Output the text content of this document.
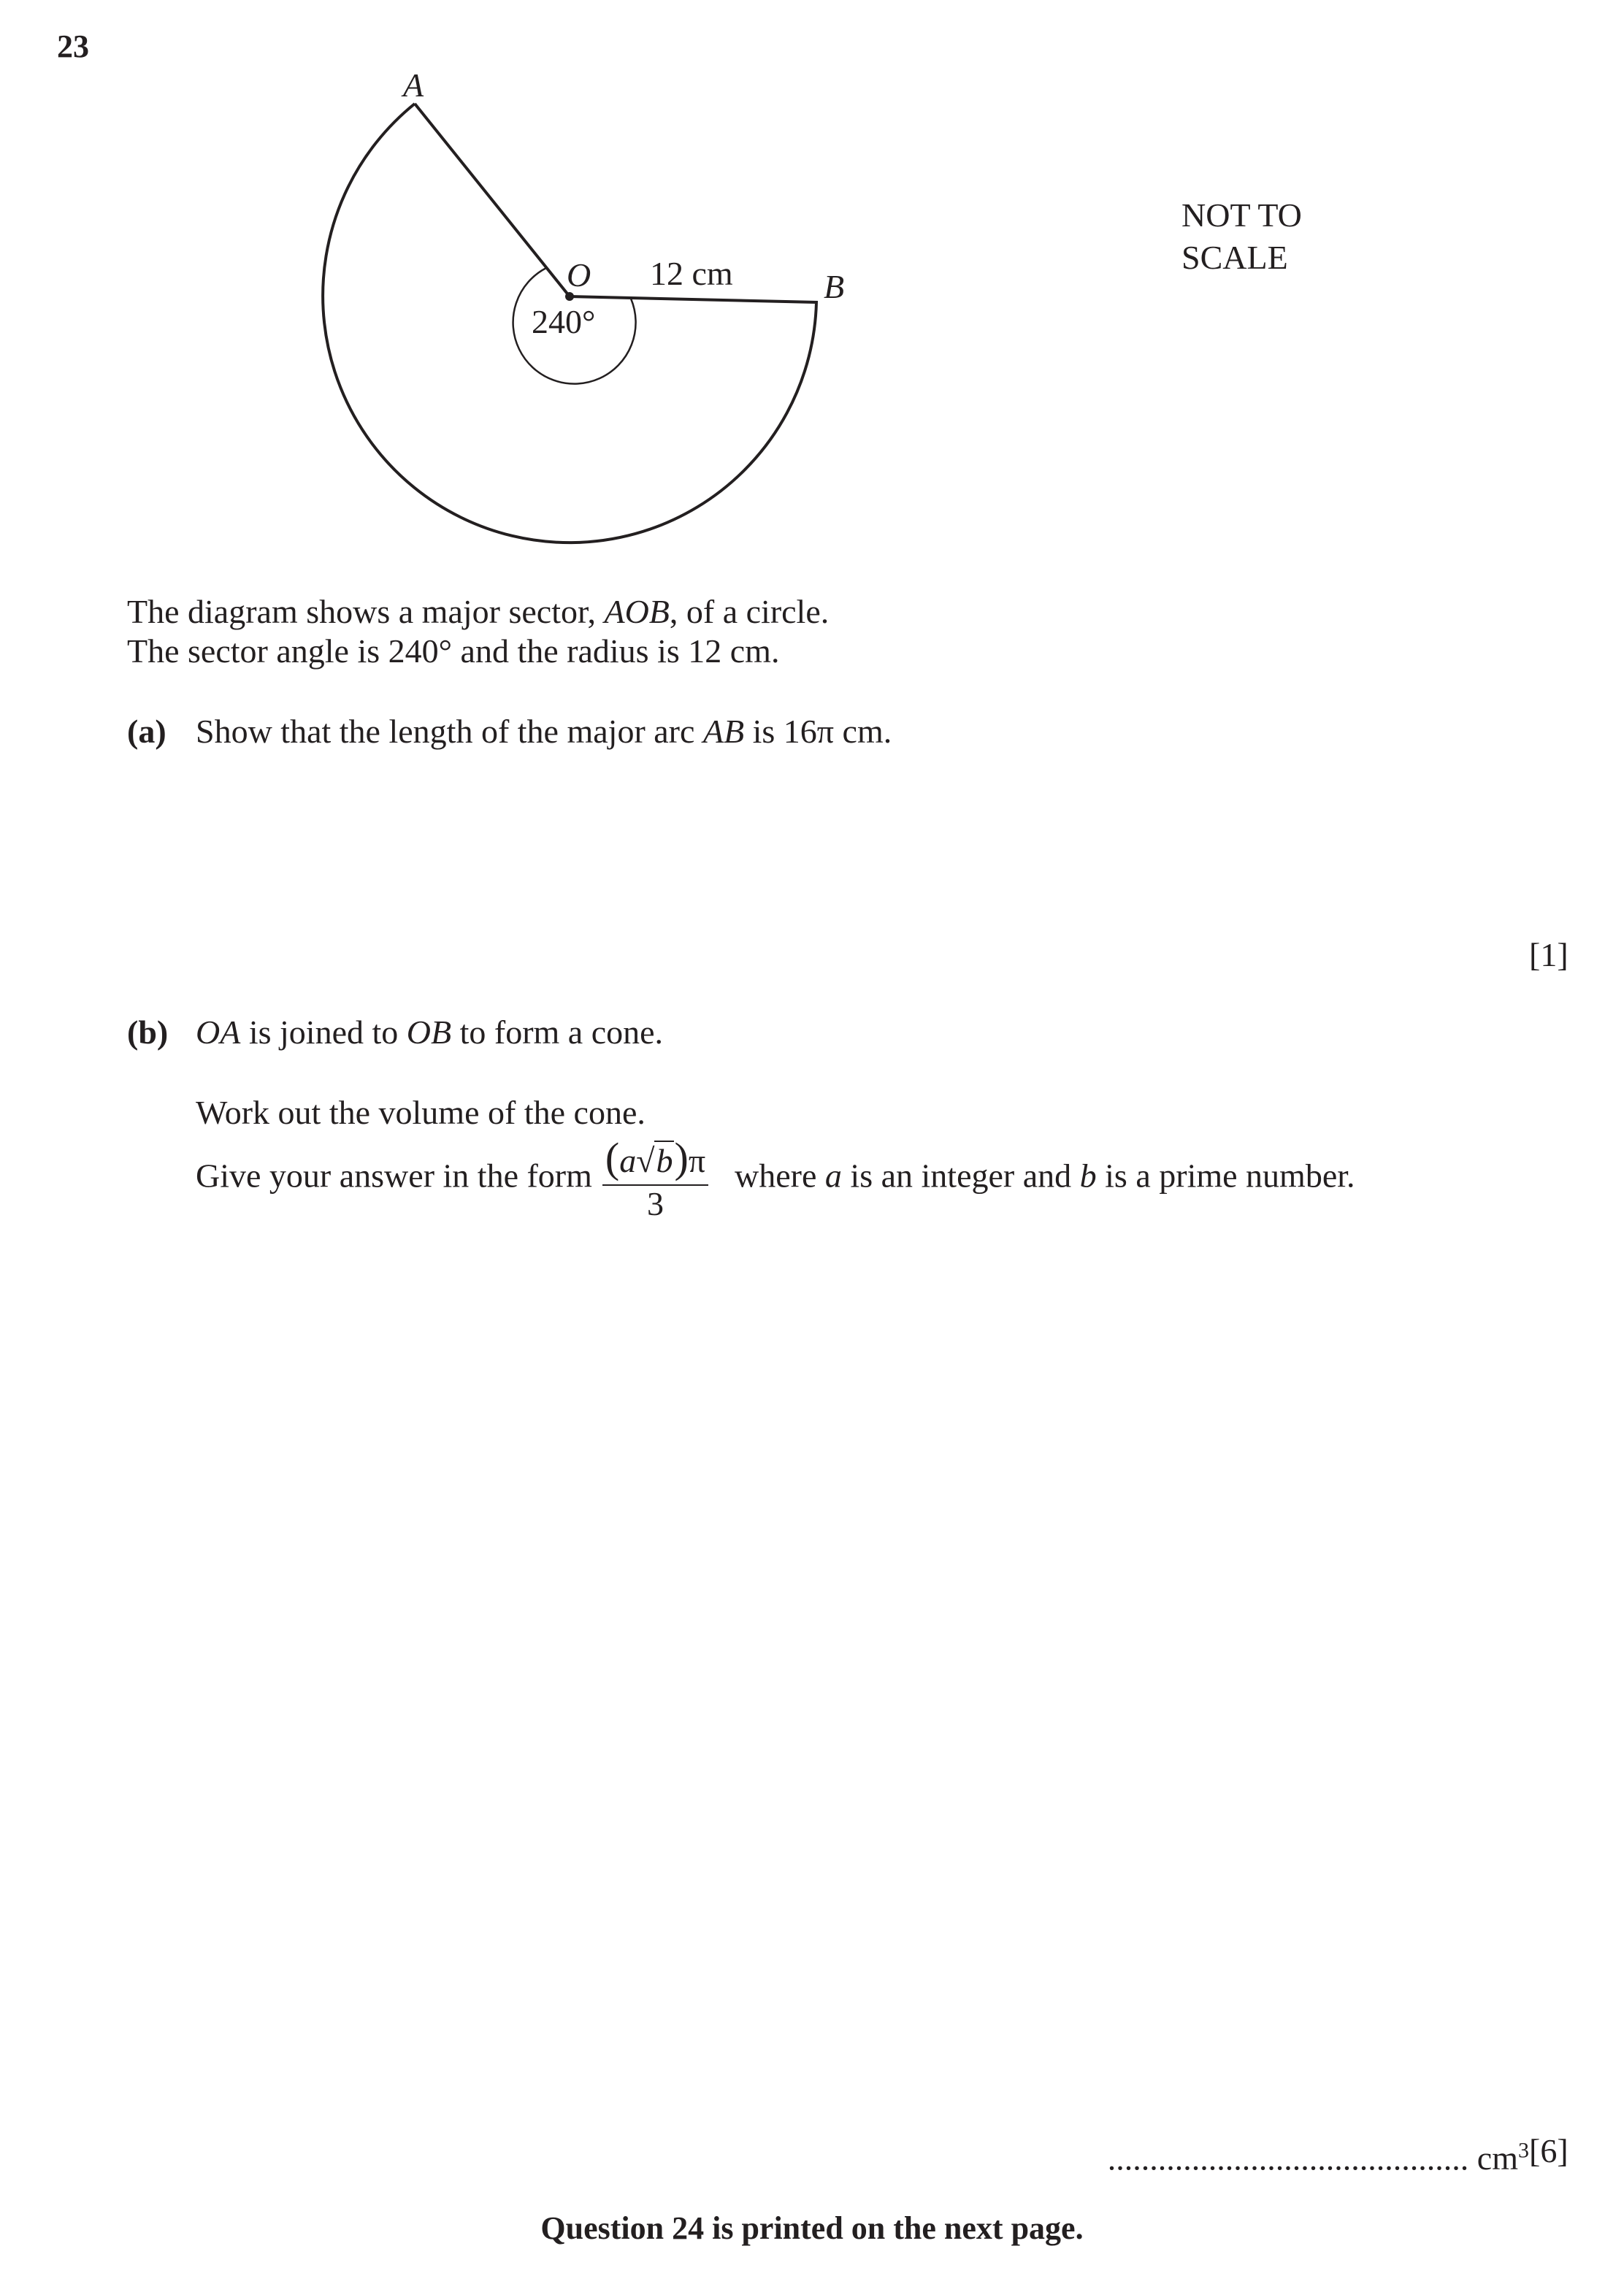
23
A
O 12 cm	B
240°
NOT TO
SCALE
The diagram shows a major sector, AOB, of a circle.
The sector angle is 240° and the radius is 12 cm.
(a) Show that the length of the major arc AB is 16π cm.
[1]
(b) OA is joined to OB to form a cone.
Work out the volume of the cone.
Give your answer in the form $\frac{(a√b)\pi}{3}$ where a is an integer and b is a prime number.
........................................... $cm^3$ [6]
Question 24 is printed on the next page.
